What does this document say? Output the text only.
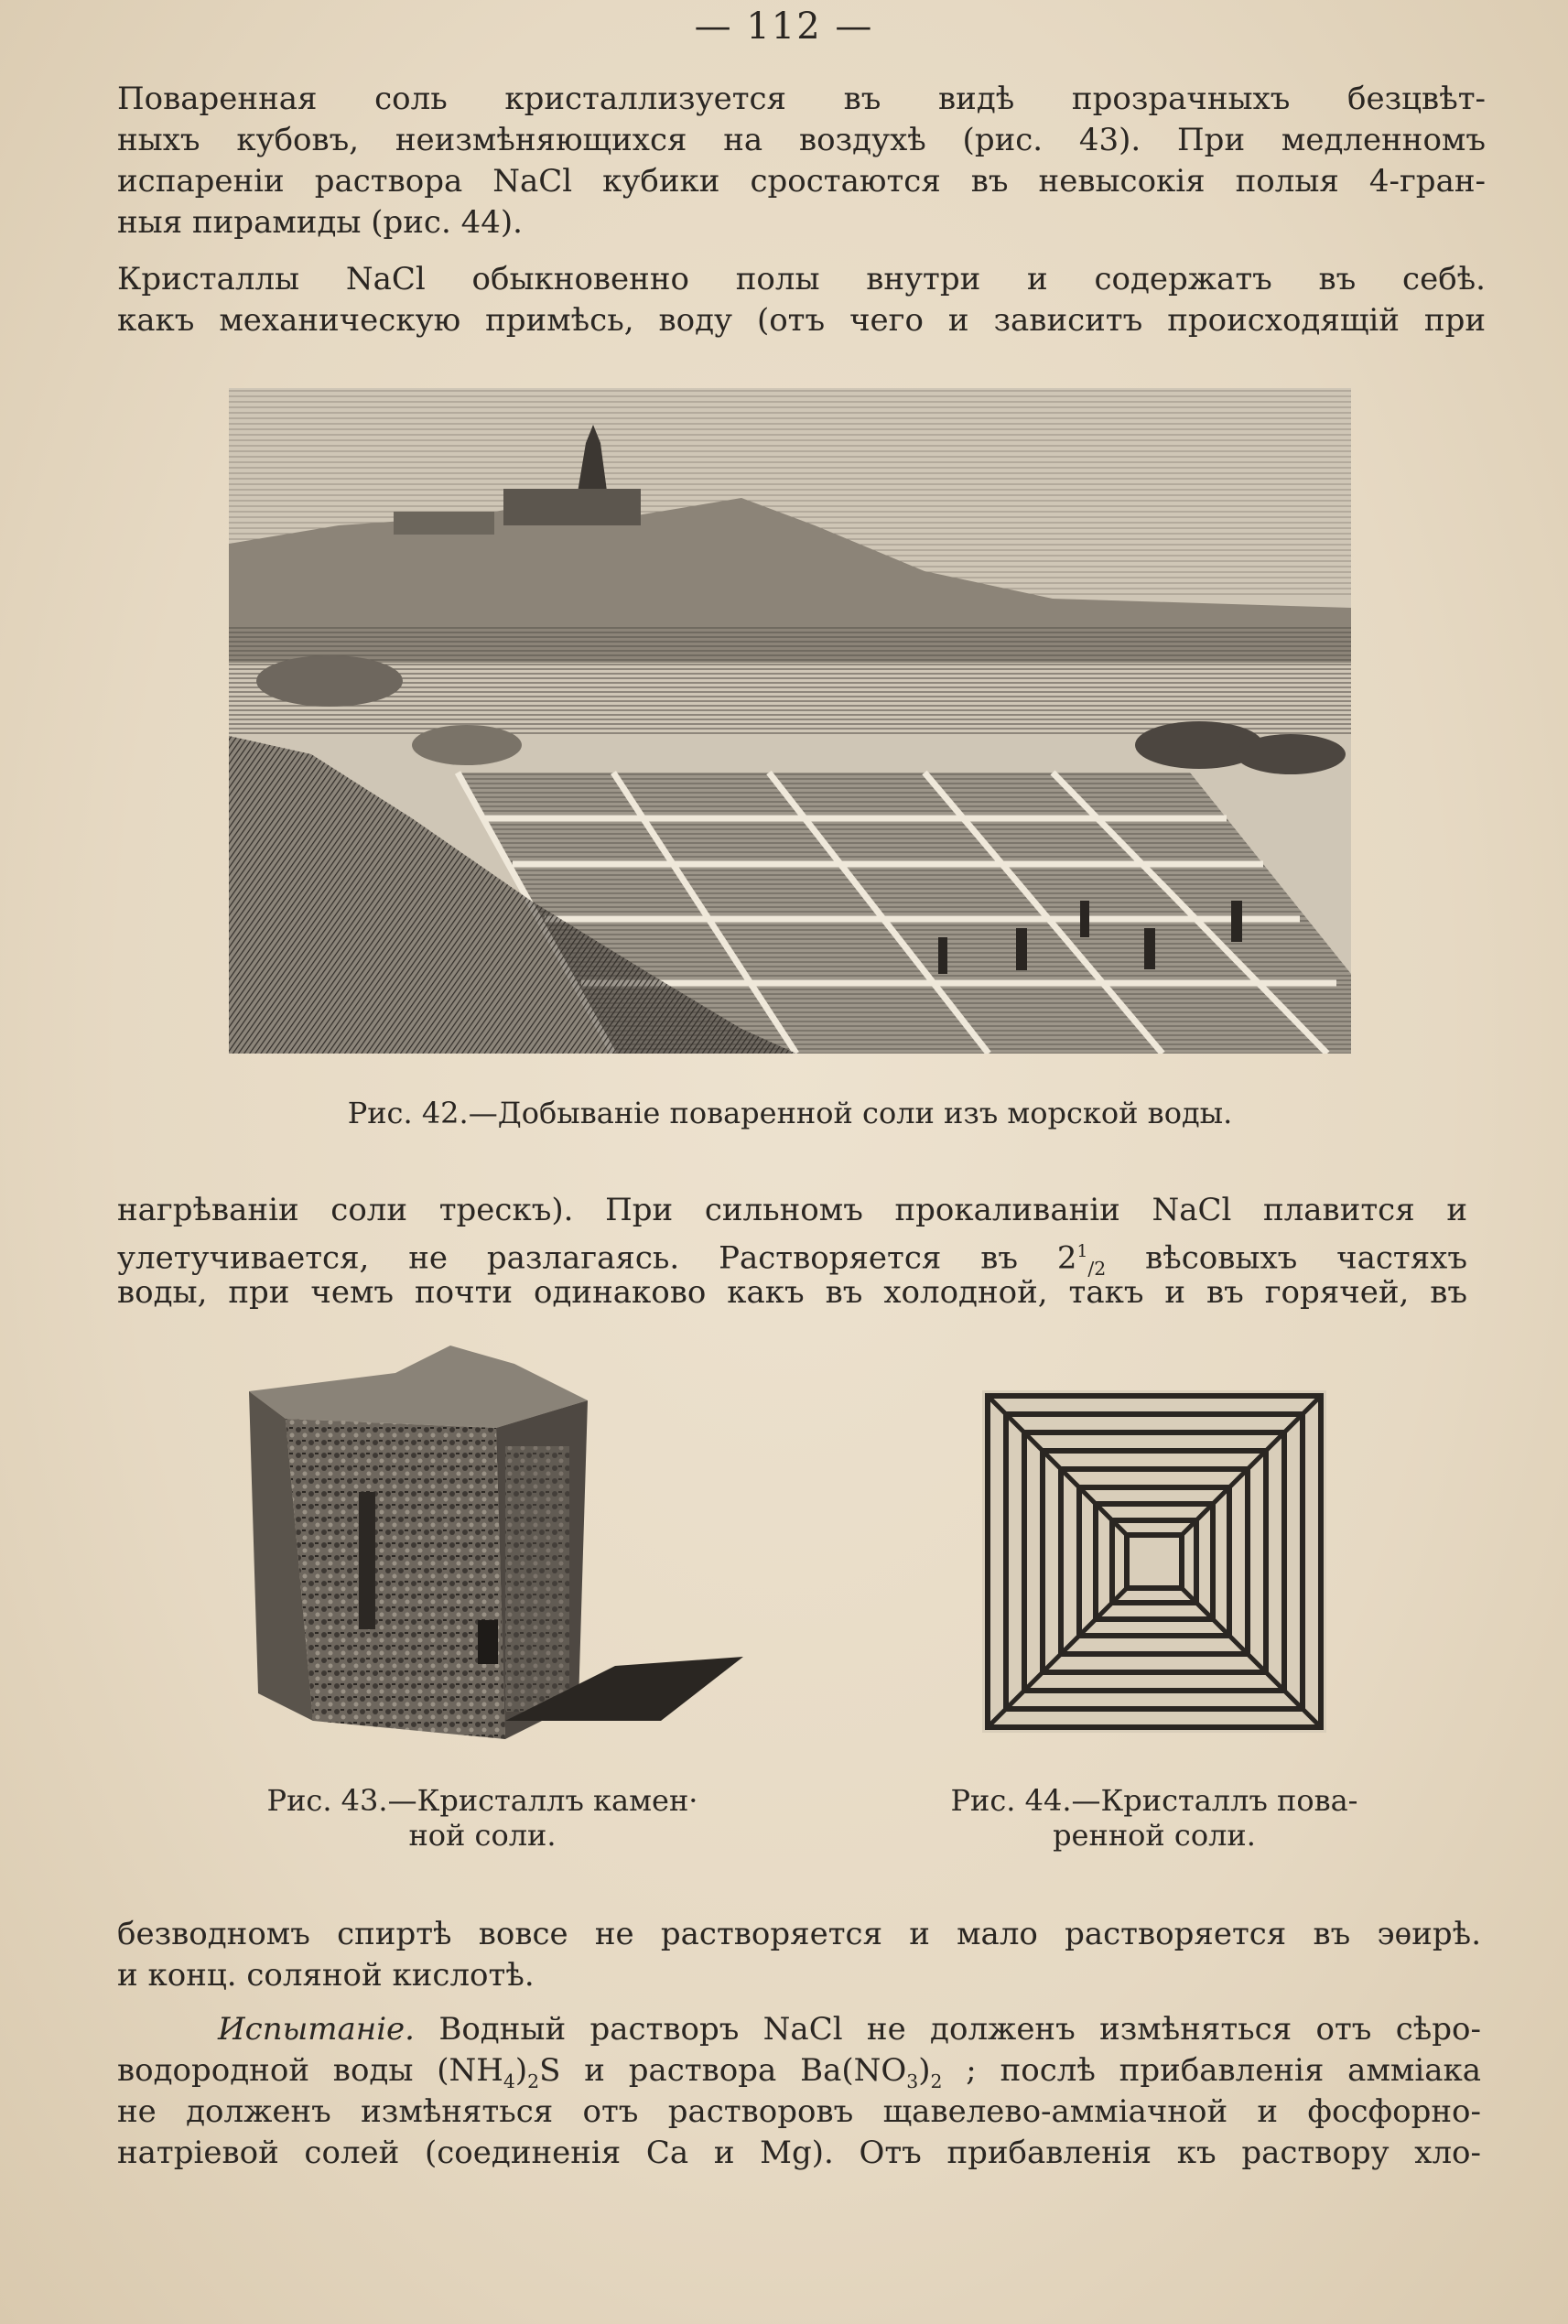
— 112 —

Поваренная соль кристаллизуется въ видѣ прозрачныхъ безцвѣт-

ныхъ кубовъ, неизмѣняющихся на воздухѣ (рис. 43). При медленномъ

испареніи раствора NaCl кубики сростаются въ невысокія полыя 4-гран-

ныя пирамиды (рис. 44).

Кристаллы NaCl обыкновенно полы внутри и содержатъ въ себѣ.

какъ механическую примѣсь, воду (отъ чего и зависитъ происходящій при

Рис. 42.—Добываніе поваренной соли изъ морской воды.

нагрѣваніи соли трескъ). При сильномъ прокаливаніи NaCl плавится и

улетучивается, не разлагаясь. Растворяется въ $2^1_{/2}$ вѣсовыхъ частяхъ

воды, при чемъ почти одинаково какъ въ холодной, такъ и въ горячей, въ

Рис. 43.—Кристаллъ камен·
ной соли.
Рис. 44.—Кристаллъ пова-
ренной соли.

безводномъ спиртѣ вовсе не растворяется и мало растворяется въ эѳирѣ.

и конц. соляной кислотѣ.

Испытаніе. Водный растворъ NaCl не долженъ измѣняться отъ сѣро-

водородной воды $(NH_4)_2S$ и раствора $Ba(NO_3)_2$ ; послѣ прибавленія амміака

не долженъ измѣняться отъ растворовъ щавелево-амміачной и фосфорно-

натріевой солей (соединенія Ca и Mg). Отъ прибавленія къ раствору хло-
